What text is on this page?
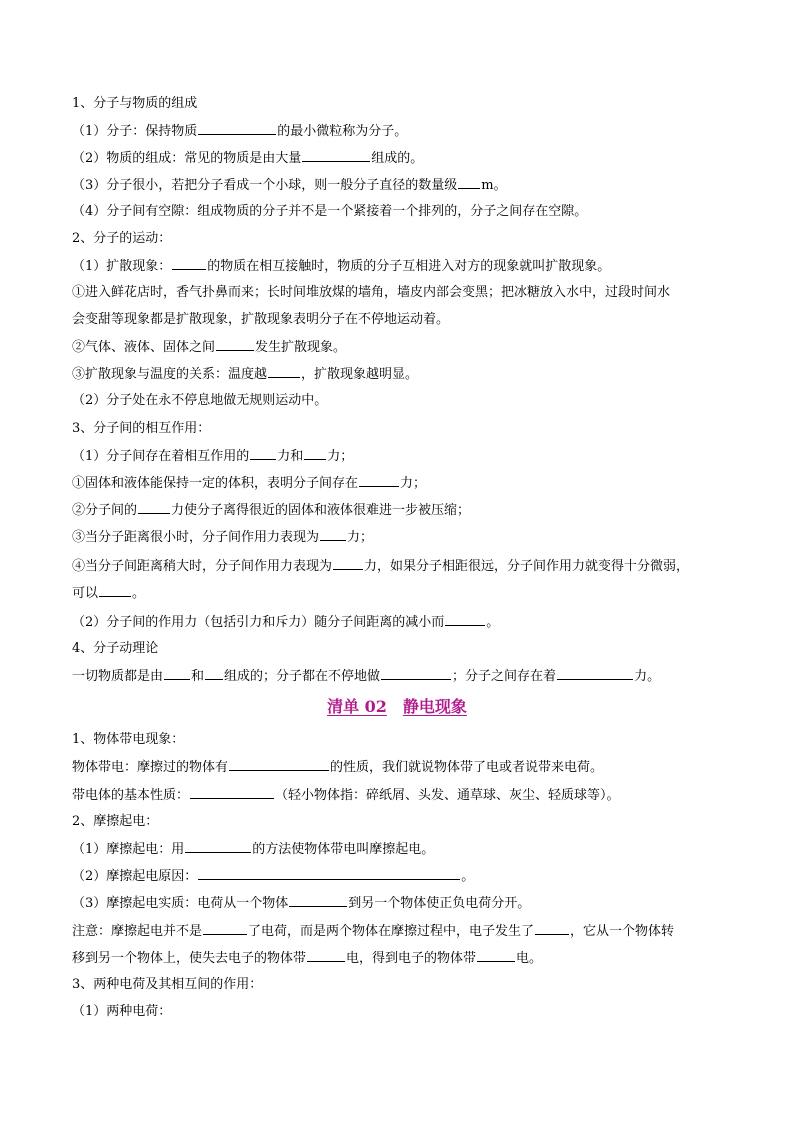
1、分子与物质的组成
（1）分子：保持物质	的最小微粒称为分子。
（2）物质的组成：常见的物质是由大量	组成的。
（3）分子很小，若把分子看成一个小球，则一般分子直径的数量级 m。
（4）分子间有空隙：组成物质的分子并不是一个紧接着一个排列的，分子之间存在空隙。
2、分子的运动：
（1）扩散现象：	的物质在相互接触时，物质的分子互相进入对方的现象就叫扩散现象。
①进入鲜花店时，香气扑鼻而来；长时间堆放煤的墙角，墙皮内部会变黑；把冰糖放入水中，过段时间水
会变甜等现象都是扩散现象，扩散现象表明分子在不停地运动着。
②气体、液体、固体之间	发生扩散现象。
③扩散现象与温度的关系：温度越	，扩散现象越明显。
（2）分子处在永不停息地做无规则运动中。
3、分子间的相互作用：
（1）分子间存在着相互作用的 力和 力；
①固体和液体能保持一定的体积，表明分子间存在	力；
②分子间的	力使分子离得很近的固体和液体很难进一步被压缩；
③当分子距离很小时，分子间作用力表现为 力；
④当分子间距离稍大时，分子间作用力表现为 力，如果分子相距很远，分子间作用力就变得十分微弱，
可以	。
（2）分子间的作用力（包括引力和斥力）随分子间距离的减小而	。
4、分子动理论
一切物质都是由 和 组成的；分子都在不停地做	；分子之间存在着	力。
清单 02 静电现象
1、物体带电现象：
物体带电：摩擦过的物体有	的性质，我们就说物体带了电或者说带来电荷。
带电体的基本性质：	（轻小物体指：碎纸屑、头发、通草球、灰尘、轻质球等）。
2、摩擦起电：
（1）摩擦起电：用	的方法使物体带电叫摩擦起电。
（2）摩擦起电原因：	。
（3）摩擦起电实质：电荷从一个物体	到另一个物体使正负电荷分开。
注意：摩擦起电并不是	了电荷，而是两个物体在摩擦过程中，电子发生了	，它从一个物体转
移到另一个物体上，使失去电子的物体带	电，得到电子的物体带	电。
3、两种电荷及其相互间的作用：
（1）两种电荷：
